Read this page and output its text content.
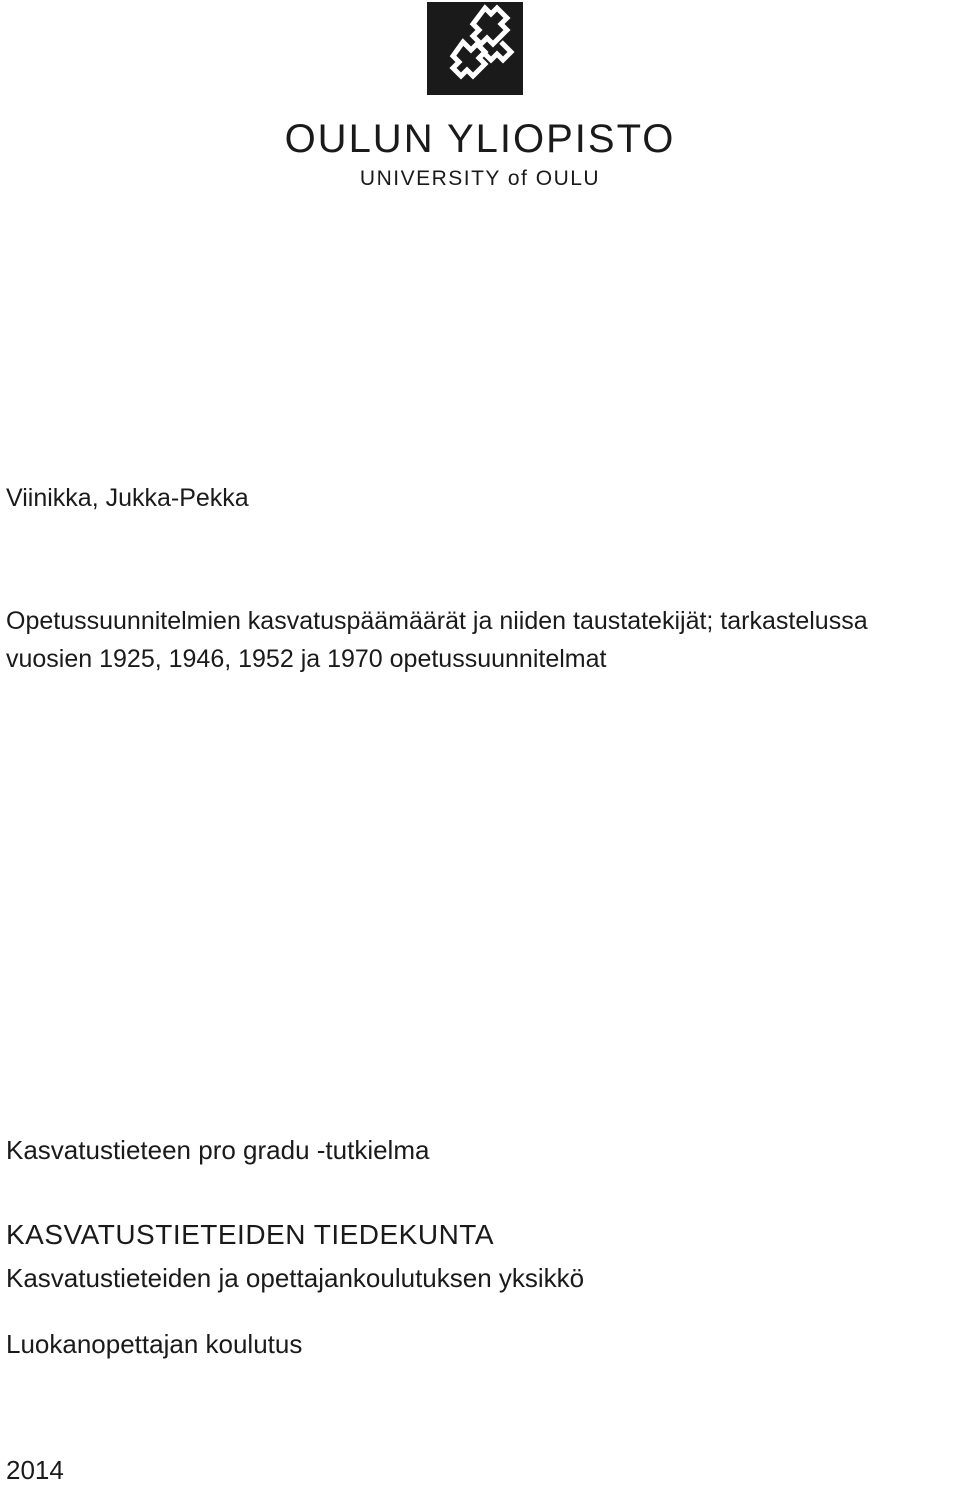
OULUN YLIOPISTO
UNIVERSITY of OULU
Viinikka, Jukka-Pekka
Opetussuunnitelmien kasvatuspäämäärät ja niiden taustatekijät; tarkastelussa
vuosien 1925, 1946, 1952 ja 1970 opetussuunnitelmat
Kasvatustieteen pro gradu -tutkielma
KASVATUSTIETEIDEN TIEDEKUNTA
Kasvatustieteiden ja opettajankoulutuksen yksikkö
Luokanopettajan koulutus
2014
